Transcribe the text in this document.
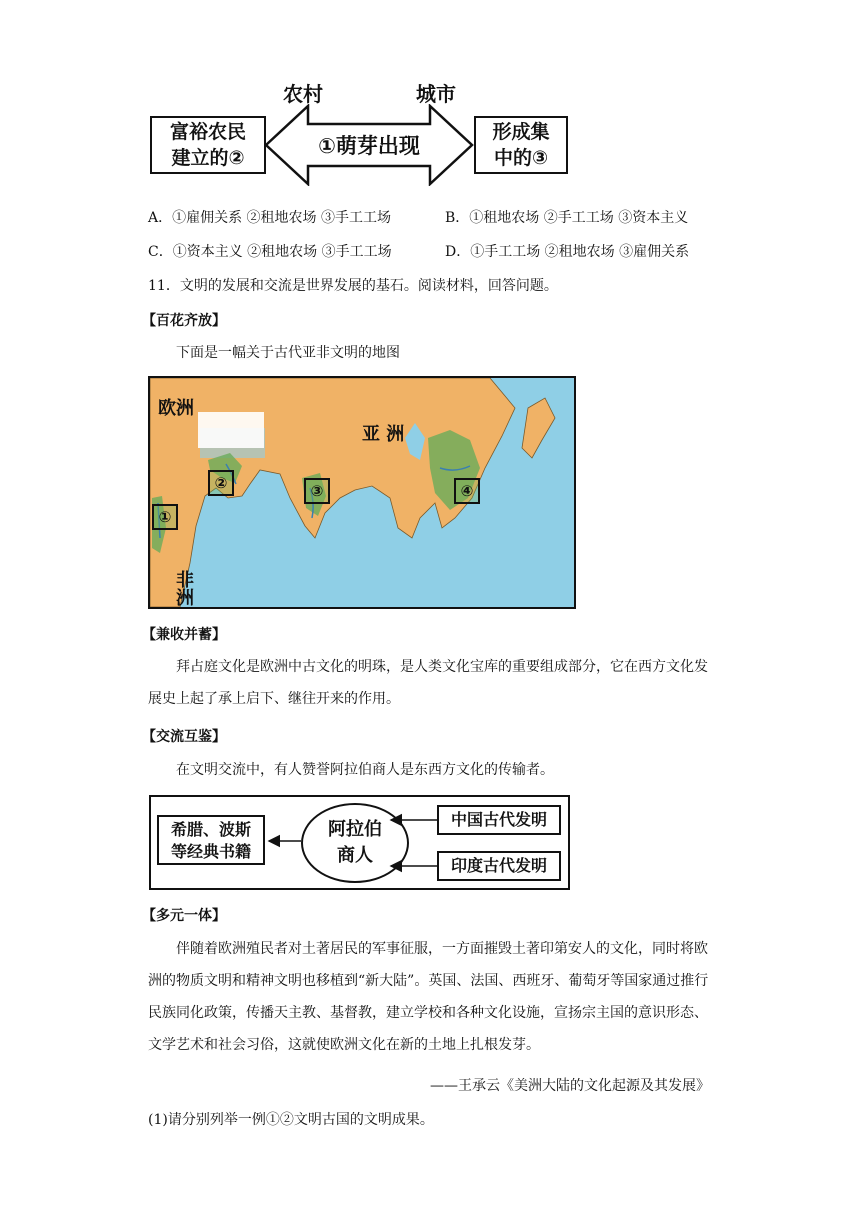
农村	城市
①萌芽出现
富裕农民
建立的②
形成集
中的③
A．①雇佣关系 ②租地农场 ③手工工场	B．①租地农场 ②手工工场 ③资本主义
C．①资本主义 ②租地农场 ③手工工场	D．①手工工场 ②租地农场 ③雇佣关系
11．文明的发展和交流是世界发展的基石。阅读材料，回答问题。
【百花齐放】
下面是一幅关于古代亚非文明的地图
欧洲
亚 洲
非
洲
①
②	③	④
【兼收并蓄】
拜占庭文化是欧洲中古文化的明珠，是人类文化宝库的重要组成部分，它在西方文化发展史上起了承上启下、继往开来的作用。
【交流互鉴】
在文明交流中，有人赞誉阿拉伯商人是东西方文化的传输者。
希腊、波斯
等经典书籍
阿拉伯
商人
中国古代发明
印度古代发明
【多元一体】
伴随着欧洲殖民者对土著居民的军事征服，一方面摧毁土著印第安人的文化，同时将欧洲的物质文明和精神文明也移植到“新大陆”。英国、法国、西班牙、葡萄牙等国家通过推行民族同化政策，传播天主教、基督教，建立学校和各种文化设施，宣扬宗主国的意识形态、文学艺术和社会习俗，这就使欧洲文化在新的土地上扎根发芽。
——王承云《美洲大陆的文化起源及其发展》
(1)请分别列举一例①②文明古国的文明成果。
